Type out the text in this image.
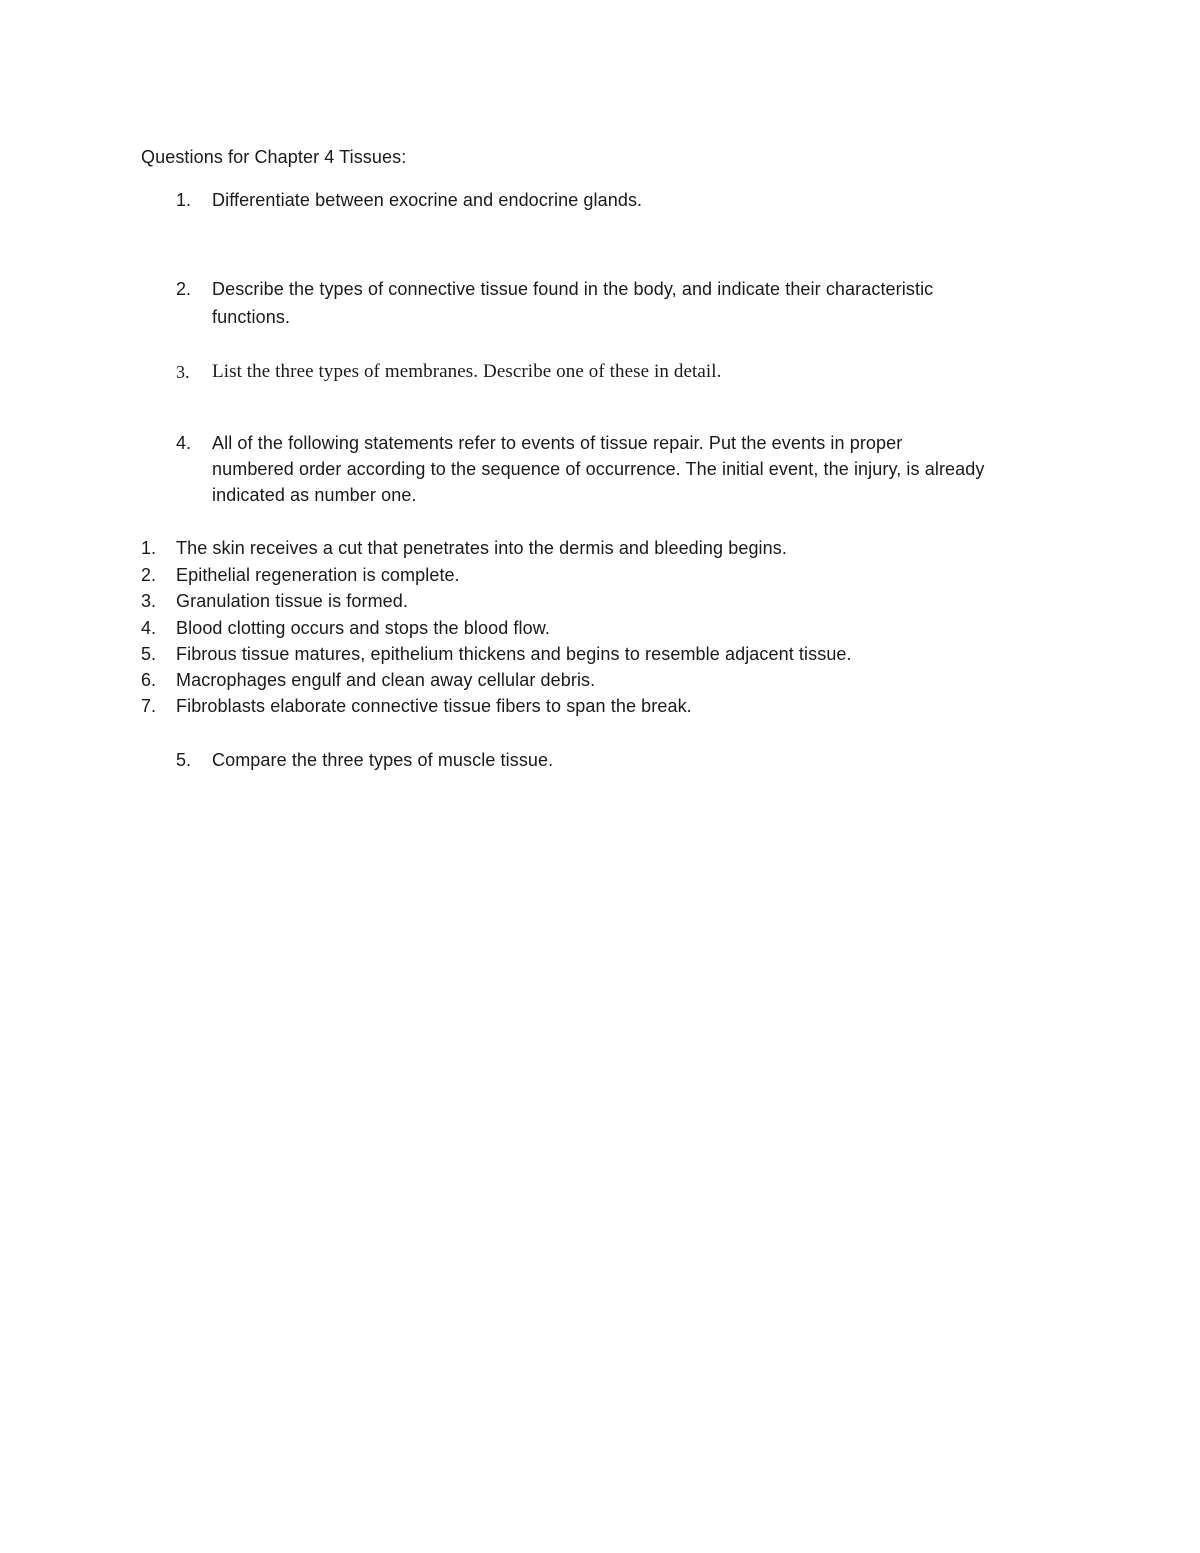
Questions for Chapter 4 Tissues:
1. Differentiate between exocrine and endocrine glands.
2. Describe the types of connective tissue found in the body, and indicate their characteristic
functions.
3. List the three types of membranes. Describe one of these in detail.
4. All of the following statements refer to events of tissue repair. Put the events in proper
numbered order according to the sequence of occurrence. The initial event, the injury, is already
indicated as number one.
1. The skin receives a cut that penetrates into the dermis and bleeding begins.
2. Epithelial regeneration is complete.
3. Granulation tissue is formed.
4. Blood clotting occurs and stops the blood flow.
5. Fibrous tissue matures, epithelium thickens and begins to resemble adjacent tissue.
6. Macrophages engulf and clean away cellular debris.
7. Fibroblasts elaborate connective tissue fibers to span the break.
5. Compare the three types of muscle tissue.
